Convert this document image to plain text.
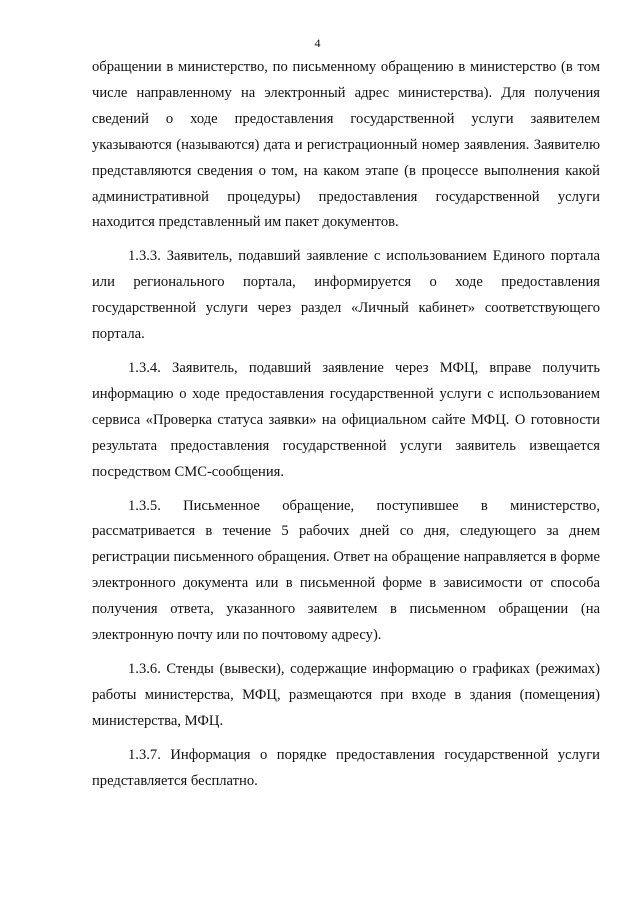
4

обращении в министерство, по письменному обращению в министерство (в том числе направленному на электронный адрес министерства). Для получения сведений о ходе предоставления государственной услуги заявителем указываются (называются) дата и регистрационный номер заявления. Заявителю представляются сведения о том, на каком этапе (в процессе выполнения какой административной процедуры) предоставления государственной услуги находится представленный им пакет документов.

1.3.3. Заявитель, подавший заявление с использованием Единого портала или регионального портала, информируется о ходе предоставления государственной услуги через раздел «Личный кабинет» соответствующего портала.

1.3.4. Заявитель, подавший заявление через МФЦ, вправе получить информацию о ходе предоставления государственной услуги с использованием сервиса «Проверка статуса заявки» на официальном сайте МФЦ. О готовности результата предоставления государственной услуги заявитель извещается посредством СМС-сообщения.

1.3.5. Письменное обращение, поступившее в министерство, рассматривается в течение 5 рабочих дней со дня, следующего за днем регистрации письменного обращения. Ответ на обращение направляется в форме электронного документа или в письменной форме в зависимости от способа получения ответа, указанного заявителем в письменном обращении (на электронную почту или по почтовому адресу).

1.3.6. Стенды (вывески), содержащие информацию о графиках (режимах) работы министерства, МФЦ, размещаются при входе в здания (помещения) министерства, МФЦ.

1.3.7. Информация о порядке предоставления государственной услуги представляется бесплатно.
